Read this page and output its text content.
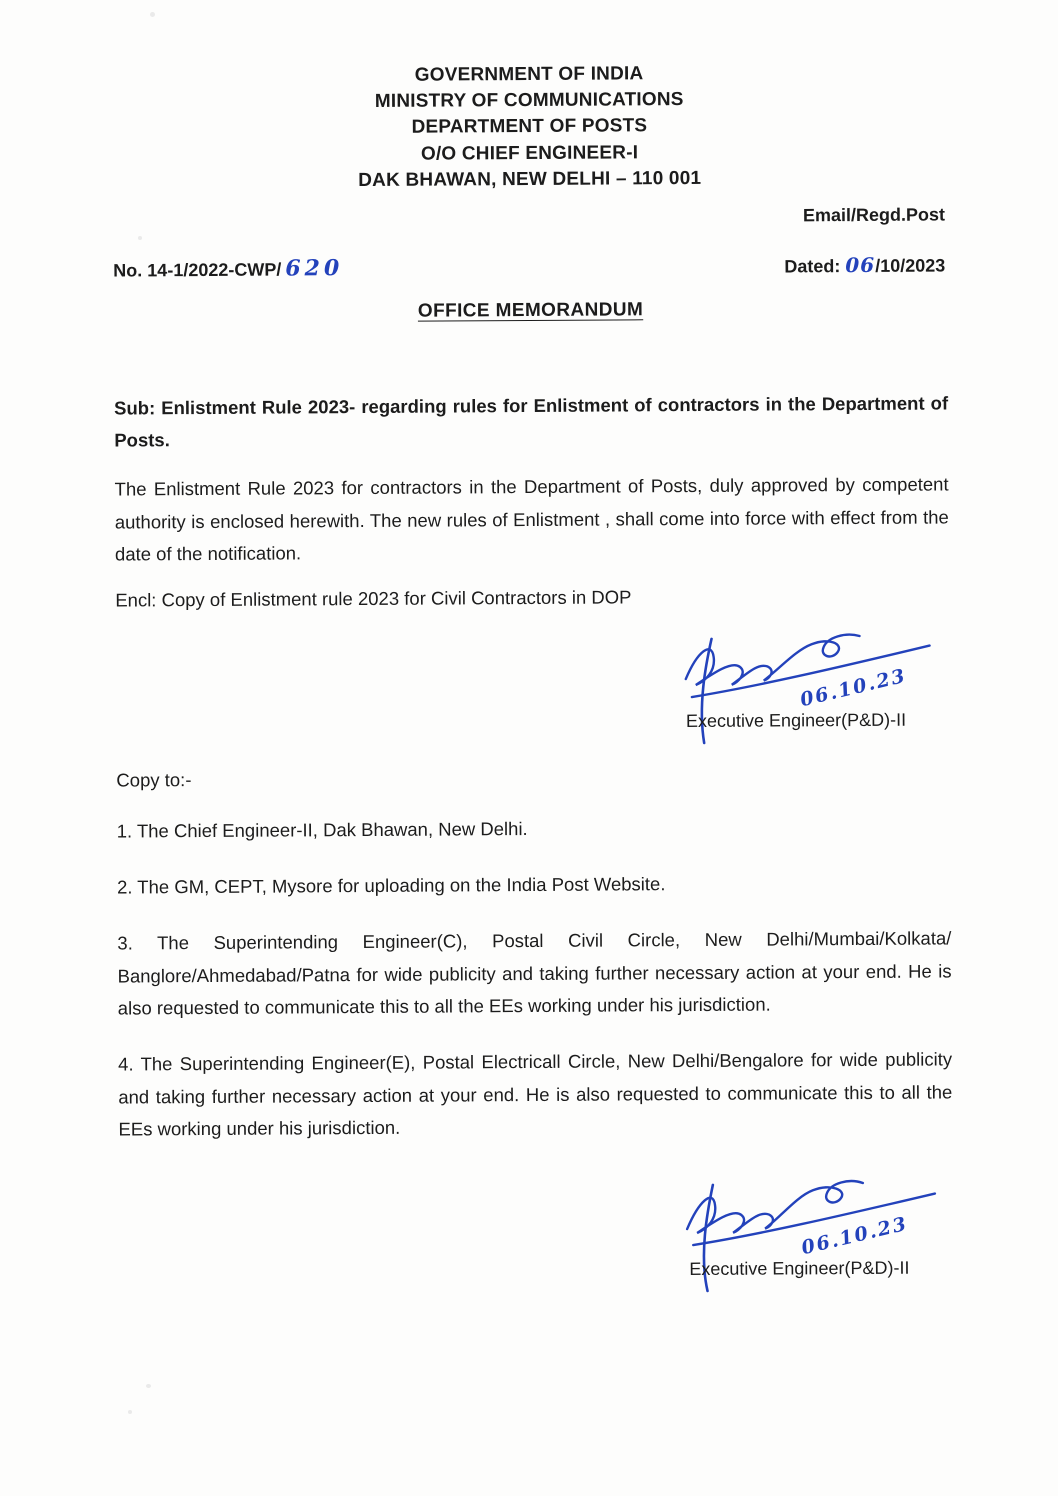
GOVERNMENT OF INDIA
MINISTRY OF COMMUNICATIONS
DEPARTMENT OF POSTS
O/O CHIEF ENGINEER-I
DAK BHAWAN, NEW DELHI – 110 001
Email/Regd.Post
No. 14-1/2022-CWP/ 620	Dated: 06/10/2023
OFFICE MEMORANDUM

Sub: Enlistment Rule 2023- regarding rules for Enlistment of contractors in the Department of Posts.

The Enlistment Rule 2023 for contractors in the Department of Posts, duly approved by competent authority is enclosed herewith. The new rules of Enlistment , shall come into force with effect from the date of the notification.

Encl: Copy of Enlistment rule 2023 for Civil Contractors in DOP

06.10.23
Executive Engineer(P&D)-II
Copy to:-

1. The Chief Engineer-II, Dak Bhawan, New Delhi.

2. The GM, CEPT, Mysore for uploading on the India Post Website.

3. The Superintending Engineer(C), Postal Civil Circle, New Delhi/Mumbai/Kolkata/ Banglore/Ahmedabad/Patna for wide publicity and taking further necessary action at your end. He is also requested to communicate this to all the EEs working under his jurisdiction.

4. The Superintending Engineer(E), Postal Electricall Circle, New Delhi/Bengalore for wide publicity and taking further necessary action at your end. He is also requested to communicate this to all the EEs working under his jurisdiction.

06.10.23
Executive Engineer(P&D)-II
